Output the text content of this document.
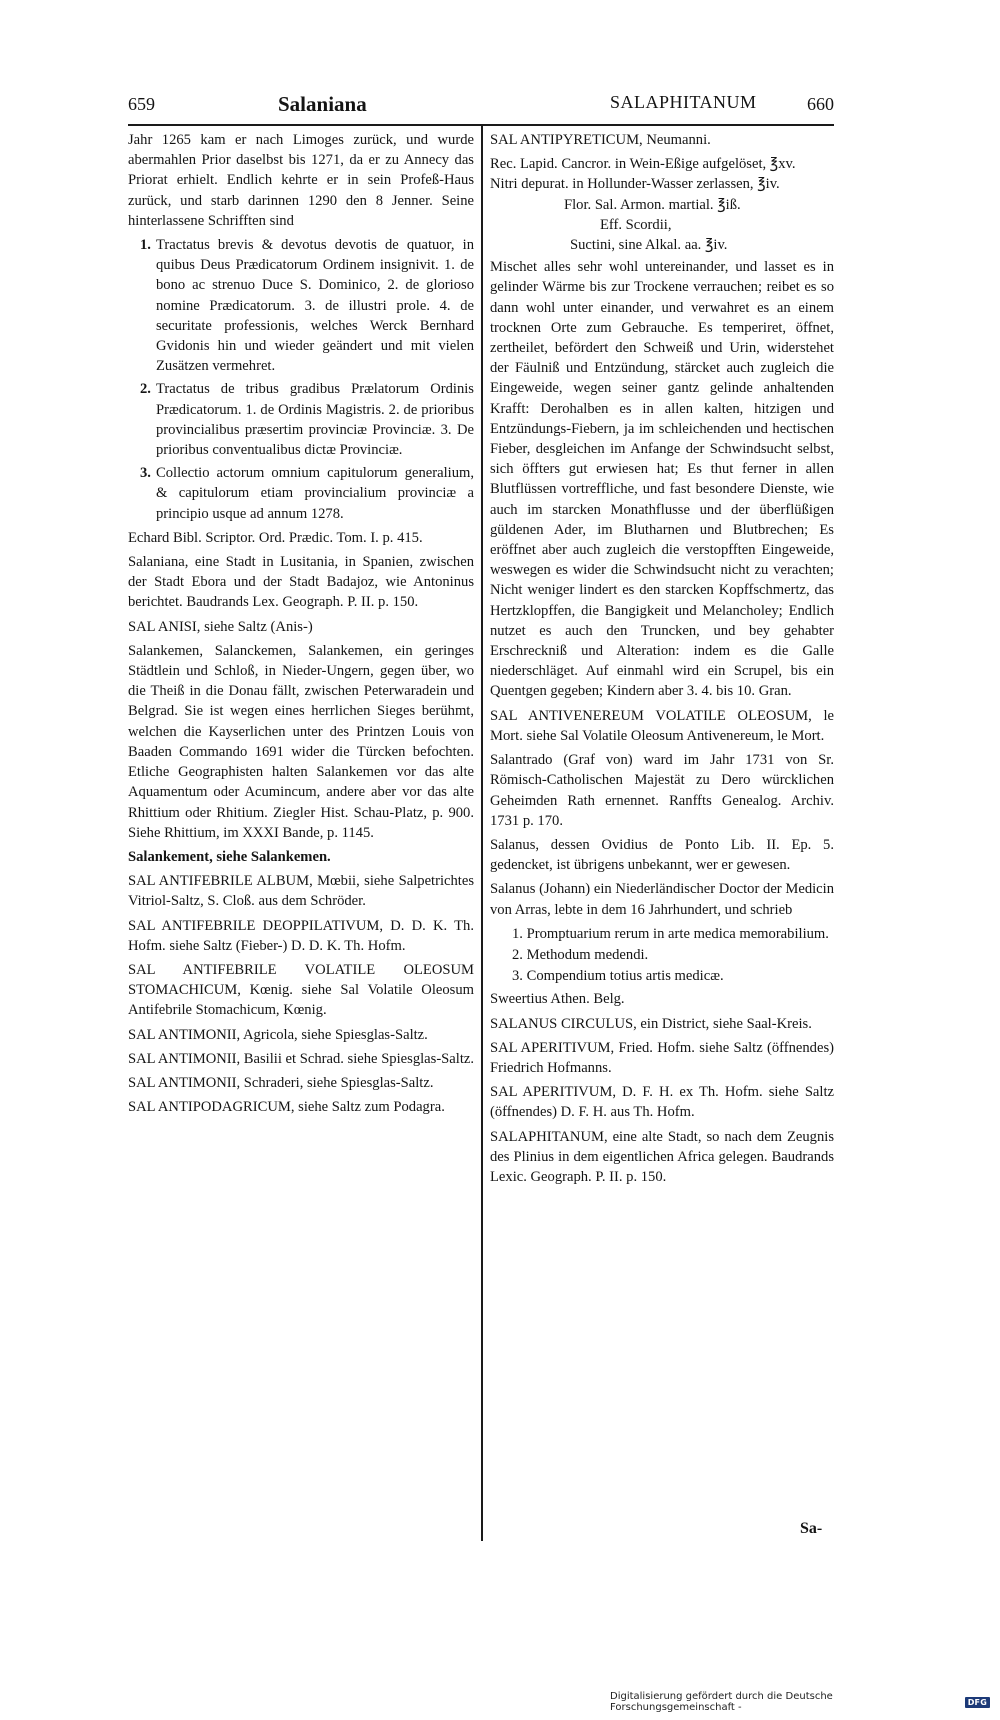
659	Salaniana	SALAPHITANUM	660
Jahr 1265 kam er nach Limoges zurück, und wurde abermahlen Prior daselbst bis 1271, da er zu Annecy das Priorat erhielt. Endlich kehrte er in sein Profeß-Haus zurück, und starb darinnen 1290 den 8 Jenner. Seine hinterlassene Schrifften sind
1. Tractatus brevis & devotus devotis de quatuor, in quibus Deus Prædicatorum Ordinem insignivit. 1. de bono ac strenuo Duce S. Dominico, 2. de glorioso nomine Prædicatorum. 3. de illustri prole. 4. de securitate professionis, welches Werck Bernhard Gvidonis hin und wieder geändert und mit vielen Zusätzen vermehret.
2. Tractatus de tribus gradibus Prælatorum Ordinis Prædicatorum. 1. de Ordinis Magistris. 2. de prioribus provincialibus præsertim provinciæ Provinciæ. 3. De prioribus conventualibus dictæ Provinciæ.
3. Collectio actorum omnium capitulorum generalium, & capitulorum etiam provincialium provinciæ a principio usque ad annum 1278.
Echard Bibl. Scriptor. Ord. Prædic. Tom. I. p. 415.
Salaniana, eine Stadt in Lusitania, in Spanien, zwischen der Stadt Ebora und der Stadt Badajoz, wie Antoninus berichtet. Baudrands Lex. Geograph. P. II. p. 150.
SAL ANISI, siehe Saltz (Anis-)
Salankemen, Salanckemen, Salankemen, ein geringes Städtlein und Schloß, in Nieder-Ungern, gegen über, wo die Theiß in die Donau fällt, zwischen Peterwaradein und Belgrad. Sie ist wegen eines herrlichen Sieges berühmt, welchen die Kayserlichen unter des Printzen Louis von Baaden Commando 1691 wider die Türcken befochten. Etliche Geographisten halten Salankemen vor das alte Aquamentum oder Acumincum, andere aber vor das alte Rhittium oder Rhitium. Ziegler Hist. Schau-Platz, p. 900. Siehe Rhittium, im XXXI Bande, p. 1145.
Salankement, siehe Salankemen.
SAL ANTIFEBRILE ALBUM, Mœbii, siehe Salpetrichtes Vitriol-Saltz, S. Cloß. aus dem Schröder.
SAL ANTIFEBRILE DEOPPILATIVUM, D. D. K. Th. Hofm. siehe Saltz (Fieber-) D. D. K. Th. Hofm.
SAL ANTIFEBRILE VOLATILE OLEOSUM STOMACHICUM, Kœnig. siehe Sal Volatile Oleosum Antifebrile Stomachicum, Kœnig.
SAL ANTIMONII, Agricola, siehe Spiesglas-Saltz.
SAL ANTIMONII, Basilii et Schrad. siehe Spiesglas-Saltz.
SAL ANTIMONII, Schraderi, siehe Spiesglas-Saltz.
SAL ANTIPODAGRICUM, siehe Saltz zum Podagra.
SAL ANTIPYRETICUM, Neumanni.
Rec. Lapid. Cancror. in Wein-Eßige aufgelöset, ℥xv.
Nitri depurat. in Hollunder-Wasser zerlassen, ℥iv.
Flor. Sal. Armon. martial. ℥iß.
Eff. Scordii,
Suctini, sine Alkal. aa. ℥iv.
Mischet alles sehr wohl untereinander, und lasset es in gelinder Wärme bis zur Trockene verrauchen; reibet es so dann wohl unter einander, und verwahret es an einem trocknen Orte zum Gebrauche. Es temperiret, öffnet, zertheilet, befördert den Schweiß und Urin, widerstehet der Fäulniß und Entzündung, stärcket auch zugleich die Eingeweide, wegen seiner gantz gelinde anhaltenden Krafft: Derohalben es in allen kalten, hitzigen und Entzündungs-Fiebern, ja im schleichenden und hectischen Fieber, desgleichen im Anfange der Schwindsucht selbst, sich öffters gut erwiesen hat; Es thut ferner in allen Blutflüssen vortreffliche, und fast besondere Dienste, wie auch im starcken Monathflusse und der überflüßigen güldenen Ader, im Blutharnen und Blutbrechen; Es eröffnet aber auch zugleich die verstopfften Eingeweide, weswegen es wider die Schwindsucht nicht zu verachten; Nicht weniger lindert es den starcken Kopffschmertz, das Hertzklopffen, die Bangigkeit und Melancholey; Endlich nutzet es auch den Truncken, und bey gehabter Erschreckniß und Alteration: indem es die Galle niederschläget. Auf einmahl wird ein Scrupel, bis ein Quentgen gegeben; Kindern aber 3. 4. bis 10. Gran.
SAL ANTIVENEREUM VOLATILE OLEOSUM, le Mort. siehe Sal Volatile Oleosum Antivenereum, le Mort.
Salantrado (Graf von) ward im Jahr 1731 von Sr. Römisch-Catholischen Majestät zu Dero würcklichen Geheimden Rath ernennet. Ranffts Genealog. Archiv. 1731 p. 170.
Salanus, dessen Ovidius de Ponto Lib. II. Ep. 5. gedencket, ist übrigens unbekannt, wer er gewesen.
Salanus (Johann) ein Niederländischer Doctor der Medicin von Arras, lebte in dem 16 Jahrhundert, und schrieb
1. Promptuarium rerum in arte medica memorabilium.
2. Methodum medendi.
3. Compendium totius artis medicæ.
Sweertius Athen. Belg.
SALANUS CIRCULUS, ein District, siehe Saal-Kreis.
SAL APERITIVUM, Fried. Hofm. siehe Saltz (öffnendes) Friedrich Hofmanns.
SAL APERITIVUM, D. F. H. ex Th. Hofm. siehe Saltz (öffnendes) D. F. H. aus Th. Hofm.
SALAPHITANUM, eine alte Stadt, so nach dem Zeugnis des Plinius in dem eigentlichen Africa gelegen. Baudrands Lexic. Geograph. P. II. p. 150.
Sa-
Digitalisierung gefördert durch die Deutsche Forschungsgemeinschaft -	DFG
